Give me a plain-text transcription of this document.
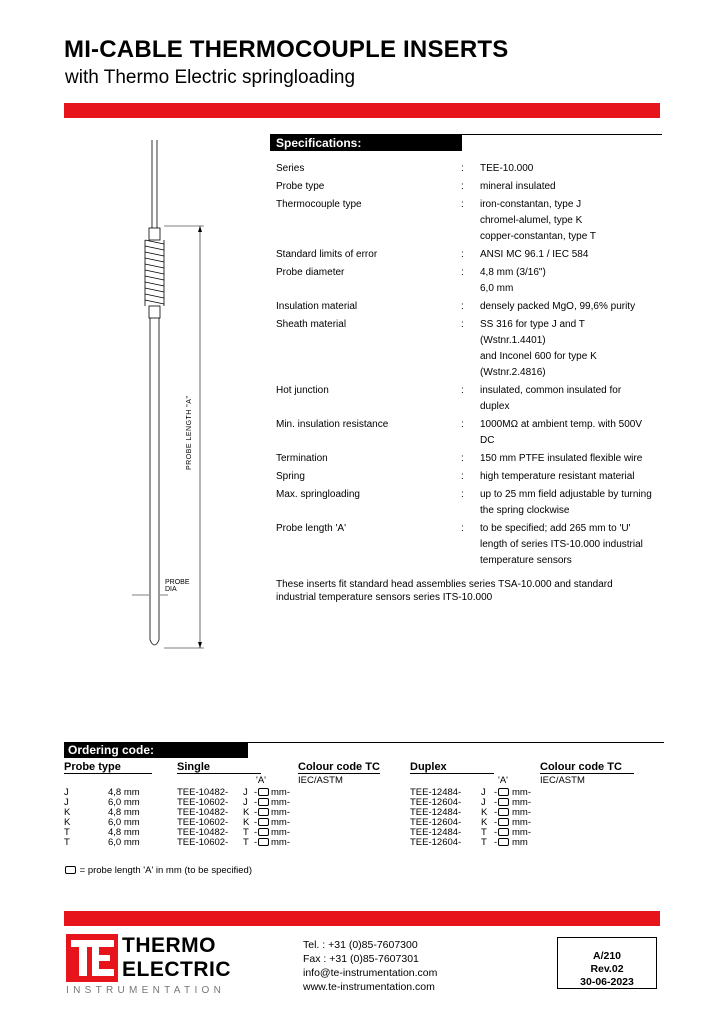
MI-CABLE THERMOCOUPLE INSERTS
with Thermo Electric springloading
PROBE LENGTH "A"
PROBE
DIA
Specifications:
Series	: TEE-10.000
Probe type	: mineral insulated
Thermocouple type	: iron-constantan, type J
chromel-alumel, type K
copper-constantan, type T
Standard limits of error	: ANSI MC 96.1 / IEC 584
Probe diameter	: 4,8 mm (3/16")
6,0 mm
Insulation material	: densely packed MgO, 99,6% purity
Sheath material	: SS 316 for type J and T
(Wstnr.1.4401)
and Inconel 600 for type K
(Wstnr.2.4816)
Hot junction	: insulated, common insulated for
duplex
Min. insulation resistance	: 1000MΩ at ambient temp. with 500V
DC
Termination	: 150 mm PTFE insulated flexible wire
Spring	: high temperature resistant material
Max. springloading	: up to 25 mm field adjustable by turning
the spring clockwise
Probe length 'A'	: to be specified; add 265 mm to 'U'
length of series ITS-10.000 industrial
temperature sensors
These inserts fit standard head assemblies series TSA-10.000 and standard
industrial temperature sensors series ITS-10.000
Ordering code:
Probe type	Single	Colour code TC	Duplex	Colour code TC
'A'	IEC/ASTM	'A'	IEC/ASTM
J	4,8 mm	TEE-10482- J -	mm-	TEE-12484- J -	mm-
J	6,0 mm	TEE-10602- J -	mm-	TEE-12604- J -	mm-
K	4,8 mm	TEE-10482- K -	mm-	TEE-12484- K -	mm-
K	6,0 mm	TEE-10602- K -	mm-	TEE-12604- K -	mm-
T	4,8 mm	TEE-10482- T -	mm-	TEE-12484- T -	mm-
T	6,0 mm	TEE-10602- T -	mm-	TEE-12604- T -	mm
= probe length 'A' in mm (to be specified)
THERMO
ELECTRIC
INSTRUMENTATION
Tel. : +31 (0)85-7607300
Fax : +31 (0)85-7607301
info@te-instrumentation.com
www.te-instrumentation.com
A/210
Rev.02
30-06-2023
